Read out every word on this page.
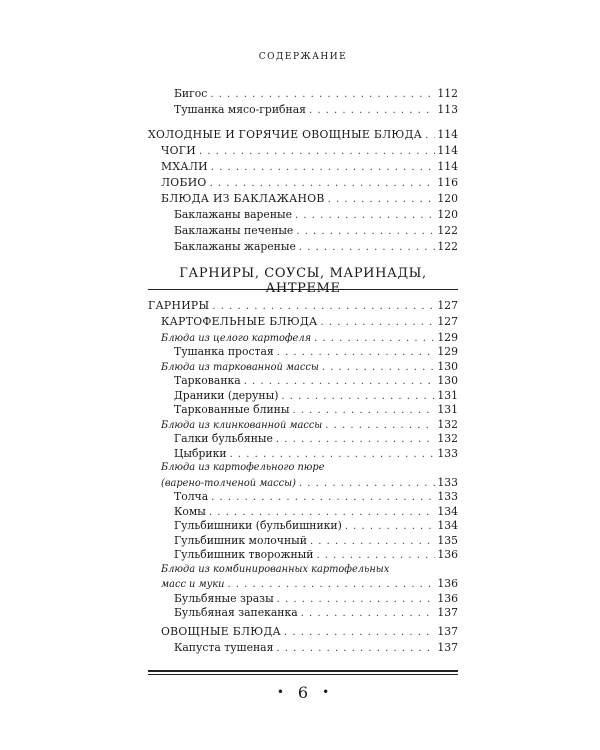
СОДЕРЖАНИЕ
Бигос . . .	112
Тушанка мясо-грибная . . .	113
ХОЛОДНЫЕ И ГОРЯЧИЕ ОВОЩНЫЕ БЛЮДА . . . 114
ЧОГИ . . .	114
МХАЛИ . . .	114
ЛОБИО . . .	116
БЛЮДА ИЗ БАКЛАЖАНОВ . . .	120
Баклажаны вареные . . .	120
Баклажаны печеные . . .	122
Баклажаны жареные . . .	122
ГАРНИРЫ, СОУСЫ, МАРИНАДЫ, АНТРЕМЕ
ГАРНИРЫ . . .	127
КАРТОФЕЛЬНЫЕ БЛЮДА . . .	127
Блюда из целого картофеля . . .	129
Тушанка простая . . .	129
Блюда из тарковaнной массы . . .	130
Таркованка . . .	130
Драники (деруны) . . .	131
Таркованные блины . . .	131
Блюда из клинкованной массы . . .	132
Галки бульбяные . . .	132
Цыбрики . . .	133
Блюда из картофельного пюре
(варено-толченой массы) . . .	133
Толча . . .	133
Комы . . .	134
Гульбишники (бульбишники) . . .	134
Гульбишник молочный . . .	135
Гульбишник творожный . . .	136
Блюда из комбинированных картофельных
масс и муки . . .	136
Бульбяные зразы . . .	136
Бульбяная запеканка . . .	137
• 6 •
ОВОЩНЫЕ БЛЮДА . . .	137
Капуста тушеная . . .	137
